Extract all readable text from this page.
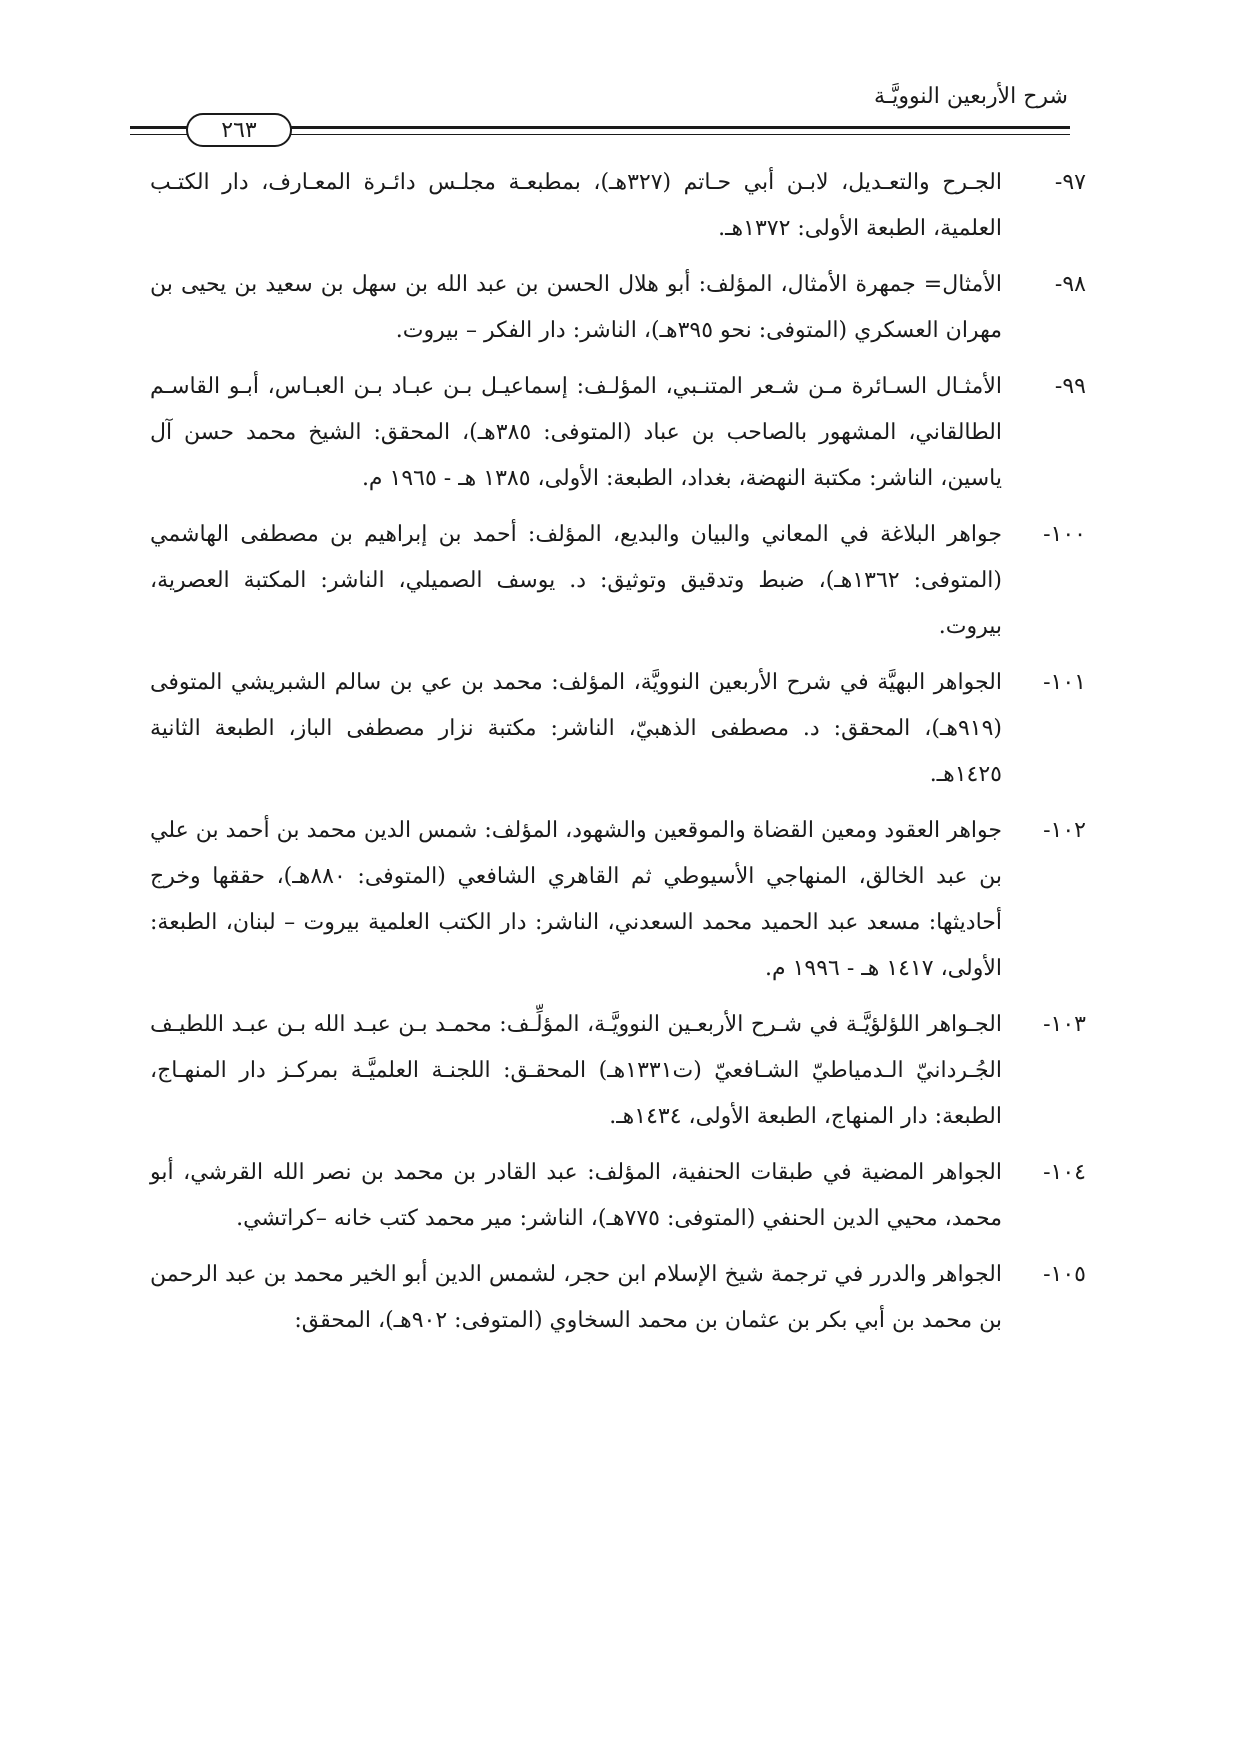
شرح الأربعين النوويَّـة
٢٦٣
٩٧-
الجـرح والتعـديل، لابـن أبي حـاتم (٣٢٧هـ)، بمطبعـة مجلـس دائـرة المعـارف، دار الكتـب العلمية، الطبعة الأولى: ١٣٧٢هـ.
٩٨-
الأمثال= جمهرة الأمثال، المؤلف: أبو هلال الحسن بن عبد الله بن سهل بن سعيد بن يحيى بن مهران العسكري (المتوفى: نحو ٣٩٥هـ)، الناشر: دار الفكر – بيروت.
٩٩-
الأمثـال السـائرة مـن شـعر المتنـبي، المؤلـف: إسماعيـل بـن عبـاد بـن العبـاس، أبـو القاسـم الطالقاني، المشهور بالصاحب بن عباد (المتوفى: ٣٨٥هـ)، المحقق: الشيخ محمد حسن آل ياسين، الناشر: مكتبة النهضة، بغداد، الطبعة: الأولى، ١٣٨٥ هـ - ١٩٦٥ م.
١٠٠-
جواهر البلاغة في المعاني والبيان والبديع، المؤلف: أحمد بن إبراهيم بن مصطفى الهاشمي (المتوفى: ١٣٦٢هـ)، ضبط وتدقيق وتوثيق: د. يوسف الصميلي، الناشر: المكتبة العصرية، بيروت.
١٠١-
الجواهر البهيَّة في شرح الأربعين النوويَّة، المؤلف: محمد بن عي بن سالم الشبريشي المتوفى (٩١٩هـ)، المحقق: د. مصطفى الذهبيّ، الناشر: مكتبة نزار مصطفى الباز، الطبعة الثانية ١٤٢٥هـ.
١٠٢-
جواهر العقود ومعين القضاة والموقعين والشهود، المؤلف: شمس الدين محمد بن أحمد بن علي بن عبد الخالق، المنهاجي الأسيوطي ثم القاهري الشافعي (المتوفى: ٨٨٠هـ)، حققها وخرج أحاديثها: مسعد عبد الحميد محمد السعدني، الناشر: دار الكتب العلمية بيروت – لبنان، الطبعة: الأولى، ١٤١٧ هـ - ١٩٩٦ م.
١٠٣-
الجـواهر اللؤلؤيَّـة في شـرح الأربعـين النوويَّـة، المؤلِّـف: محمـد بـن عبـد الله بـن عبـد اللطيـف الجُـردانيّ الـدمياطيّ الشـافعيّ (ت١٣٣١هـ) المحقـق: اللجنـة العلميَّـة بمركـز دار المنهـاج، الطبعة: دار المنهاج، الطبعة الأولى، ١٤٣٤هـ.
١٠٤-
الجواهر المضية في طبقات الحنفية، المؤلف: عبد القادر بن محمد بن نصر الله القرشي، أبو محمد، محيي الدين الحنفي (المتوفى: ٧٧٥هـ)، الناشر: مير محمد كتب خانه –كراتشي.
١٠٥-
الجواهر والدرر في ترجمة شيخ الإسلام ابن حجر، لشمس الدين أبو الخير محمد بن عبد الرحمن بن محمد بن أبي بكر بن عثمان بن محمد السخاوي (المتوفى: ٩٠٢هـ)، المحقق:
